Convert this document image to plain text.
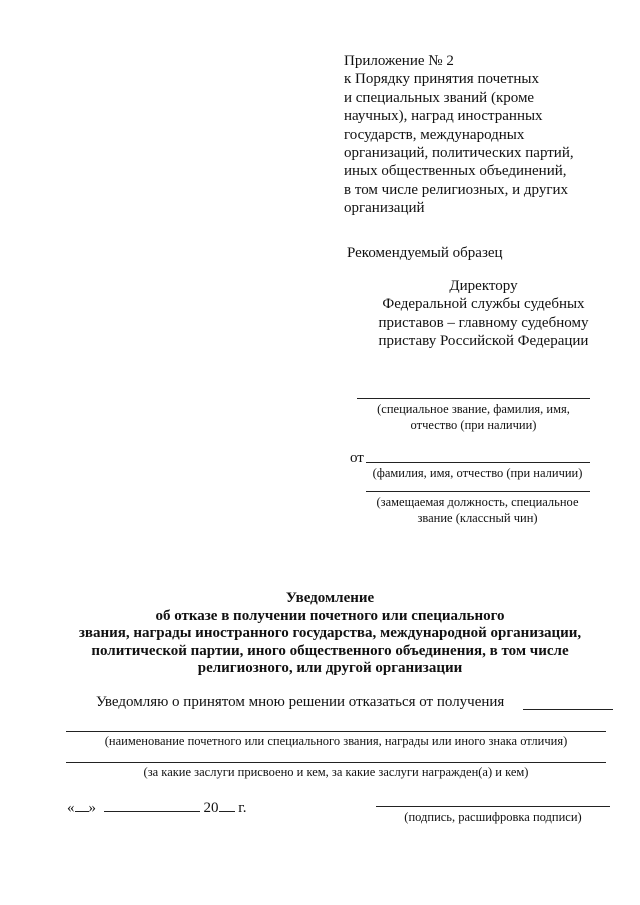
Приложение № 2
к Порядку принятия почетных
и специальных званий (кроме
научных), наград иностранных
государств, международных
организаций, политических партий,
иных общественных объединений,
в том числе религиозных, и других
организаций
Рекомендуемый образец
Директору
Федеральной службы судебных
приставов – главному судебному
приставу Российской Федерации
(специальное звание, фамилия, имя,
отчество (при наличии)
от
(фамилия, имя, отчество (при наличии)
(замещаемая должность, специальное
звание (классный чин)
Уведомление
об отказе в получении почетного или специального
звания, награды иностранного государства, международной организации,
политической партии, иного общественного объединения, в том числе
религиозного, или другой организации
Уведомляю о принятом мною решении отказаться от получения
(наименование почетного или специального звания, награды или иного знака отличия)
(за какие заслуги присвоено и кем, за какие заслуги награжден(а) и кем)
« »	20 г.
(подпись, расшифровка подписи)
